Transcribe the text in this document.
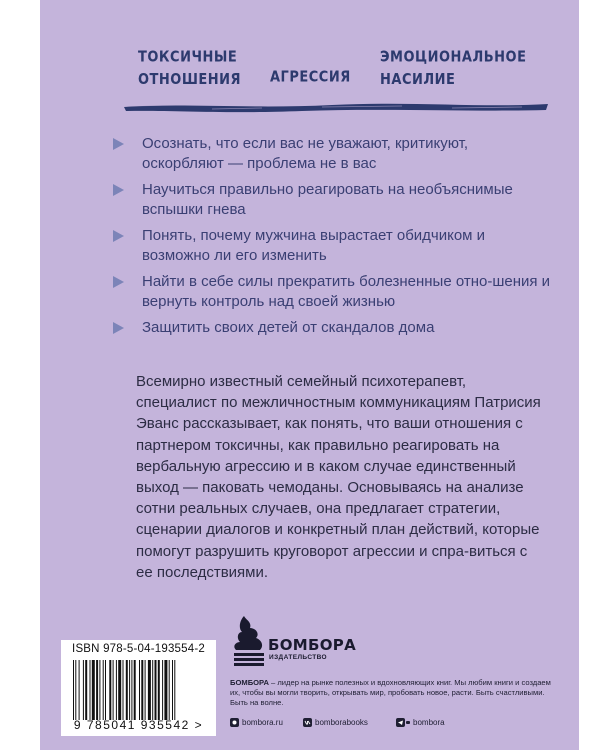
ТОКСИЧНЫЕ
ОТНОШЕНИЯ АГРЕССИЯ
ЭМОЦИОНАЛЬНОЕ
НАСИЛИЕ
Осознать, что если вас не уважают, критикуют, оскорбляют — проблема не в вас
Научиться правильно реагировать на необъяснимые вспышки гнева
Понять, почему мужчина вырастает обидчиком и возможно ли его изменить
Найти в себе силы прекратить болезненные отно-шения и вернуть контроль над своей жизнью
Защитить своих детей от скандалов дома

Всемирно известный семейный психотерапевт, специалист по межличностным коммуникациям Патрисия Эванс рассказывает, как понять, что ваши отношения с партнером токсичны, как правильно реагировать на вербальную агрессию и в каком случае единственный выход — паковать чемоданы. Основываясь на анализе сотни реальных случаев, она предлагает стратегии, сценарии диалогов и конкретный план действий, которые помогут разрушить круговорот агрессии и спра-виться с ее последствиями.

ISBN 978-5-04-193554-2
9 785041 935542 >
БОМБОРА
ИЗДАТЕЛЬСТВО

БОМБОРА – лидер на рынке полезных и вдохновляющих книг. Мы любим книги и создаем их, чтобы вы могли творить, открывать мир, пробовать новое, расти. Быть счастливыми. Быть на волне.

bombora.ru	bomborabooks	bombora
